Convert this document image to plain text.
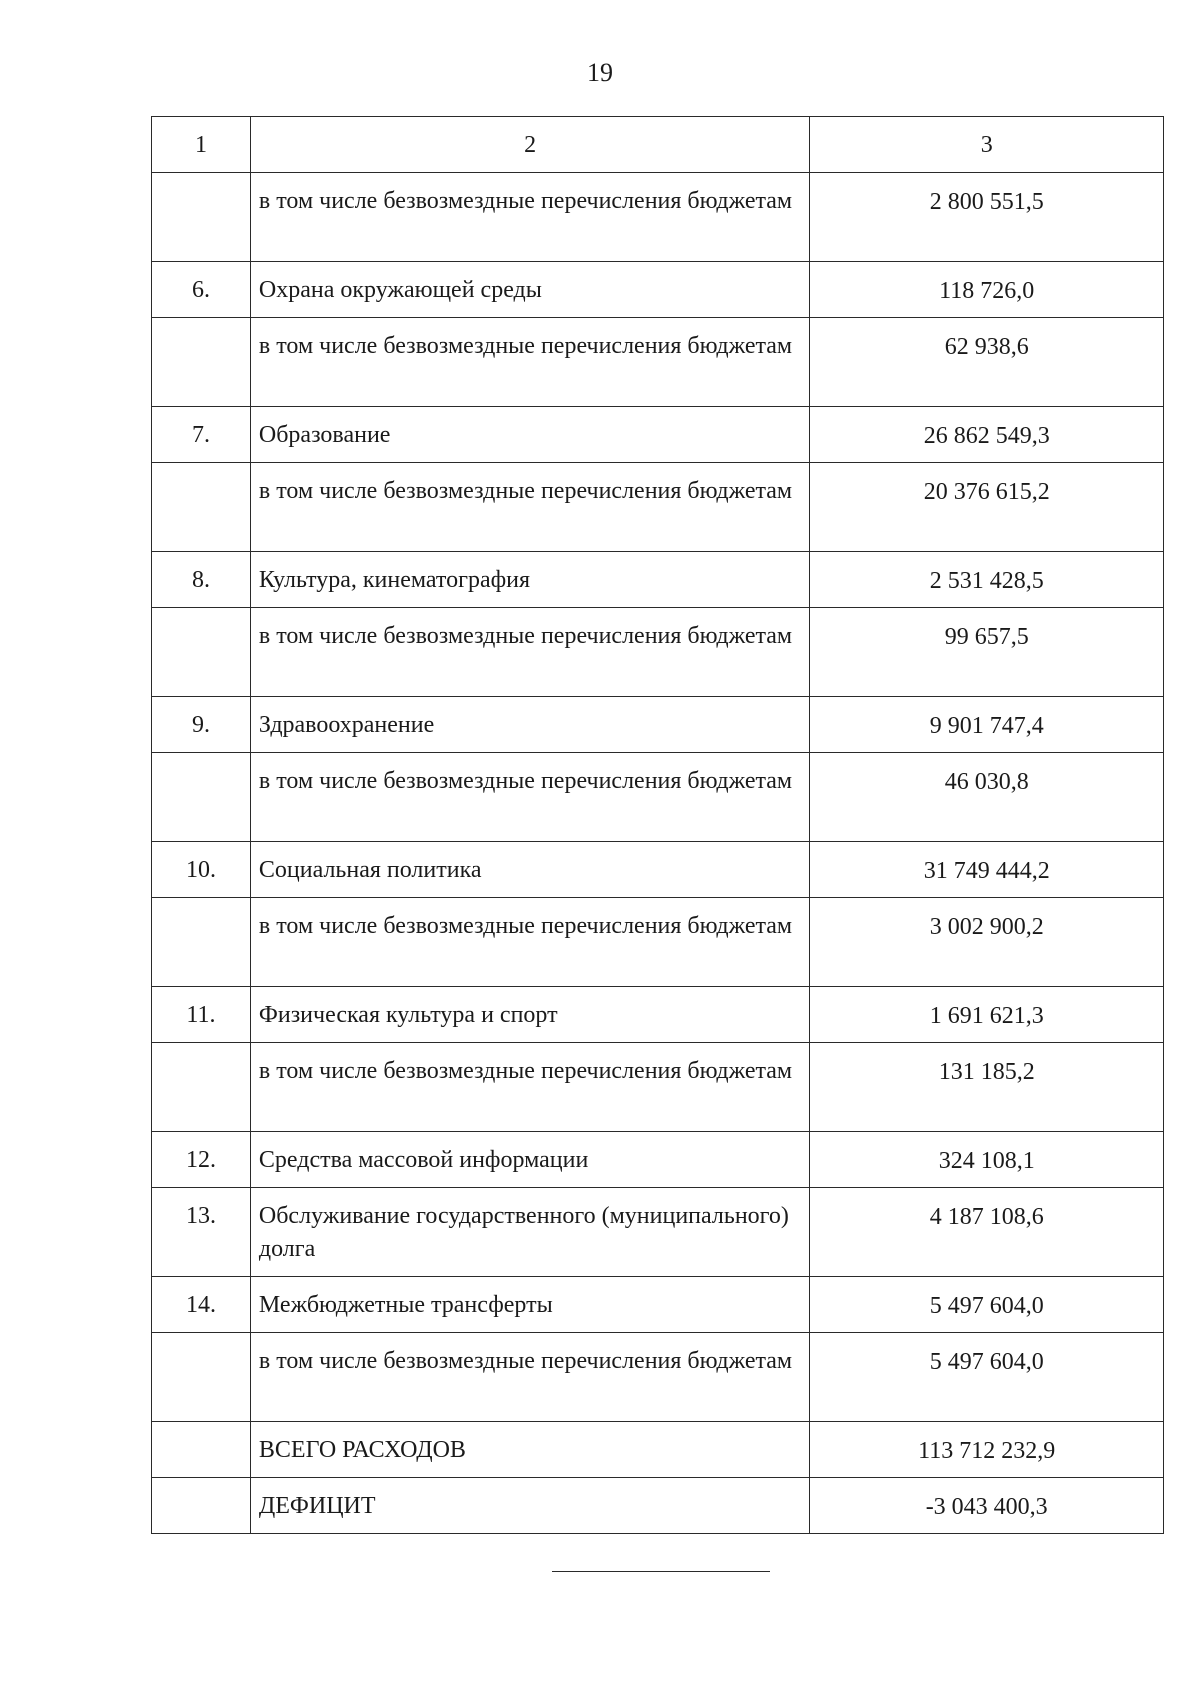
19
1	2	3
	в том числе безвозмездные перечисления бюджетам	2 800 551,5
6.	Охрана окружающей среды	118 726,0
	в том числе безвозмездные перечисления бюджетам	62 938,6
7.	Образование	26 862 549,3
	в том числе безвозмездные перечисления бюджетам	20 376 615,2
8.	Культура, кинематография	2 531 428,5
	в том числе безвозмездные перечисления бюджетам	99 657,5
9.	Здравоохранение	9 901 747,4
	в том числе безвозмездные перечисления бюджетам	46 030,8
10.	Социальная политика	31 749 444,2
	в том числе безвозмездные перечисления бюджетам	3 002 900,2
11.	Физическая культура и спорт	1 691 621,3
	в том числе безвозмездные перечисления бюджетам	131 185,2
12.	Средства массовой информации	324 108,1
13.	Обслуживание государственного (муниципального) долга	4 187 108,6
14.	Межбюджетные трансферты	5 497 604,0
	в том числе безвозмездные перечисления бюджетам	5 497 604,0
	ВСЕГО РАСХОДОВ	113 712 232,9
	ДЕФИЦИТ	-3 043 400,3
